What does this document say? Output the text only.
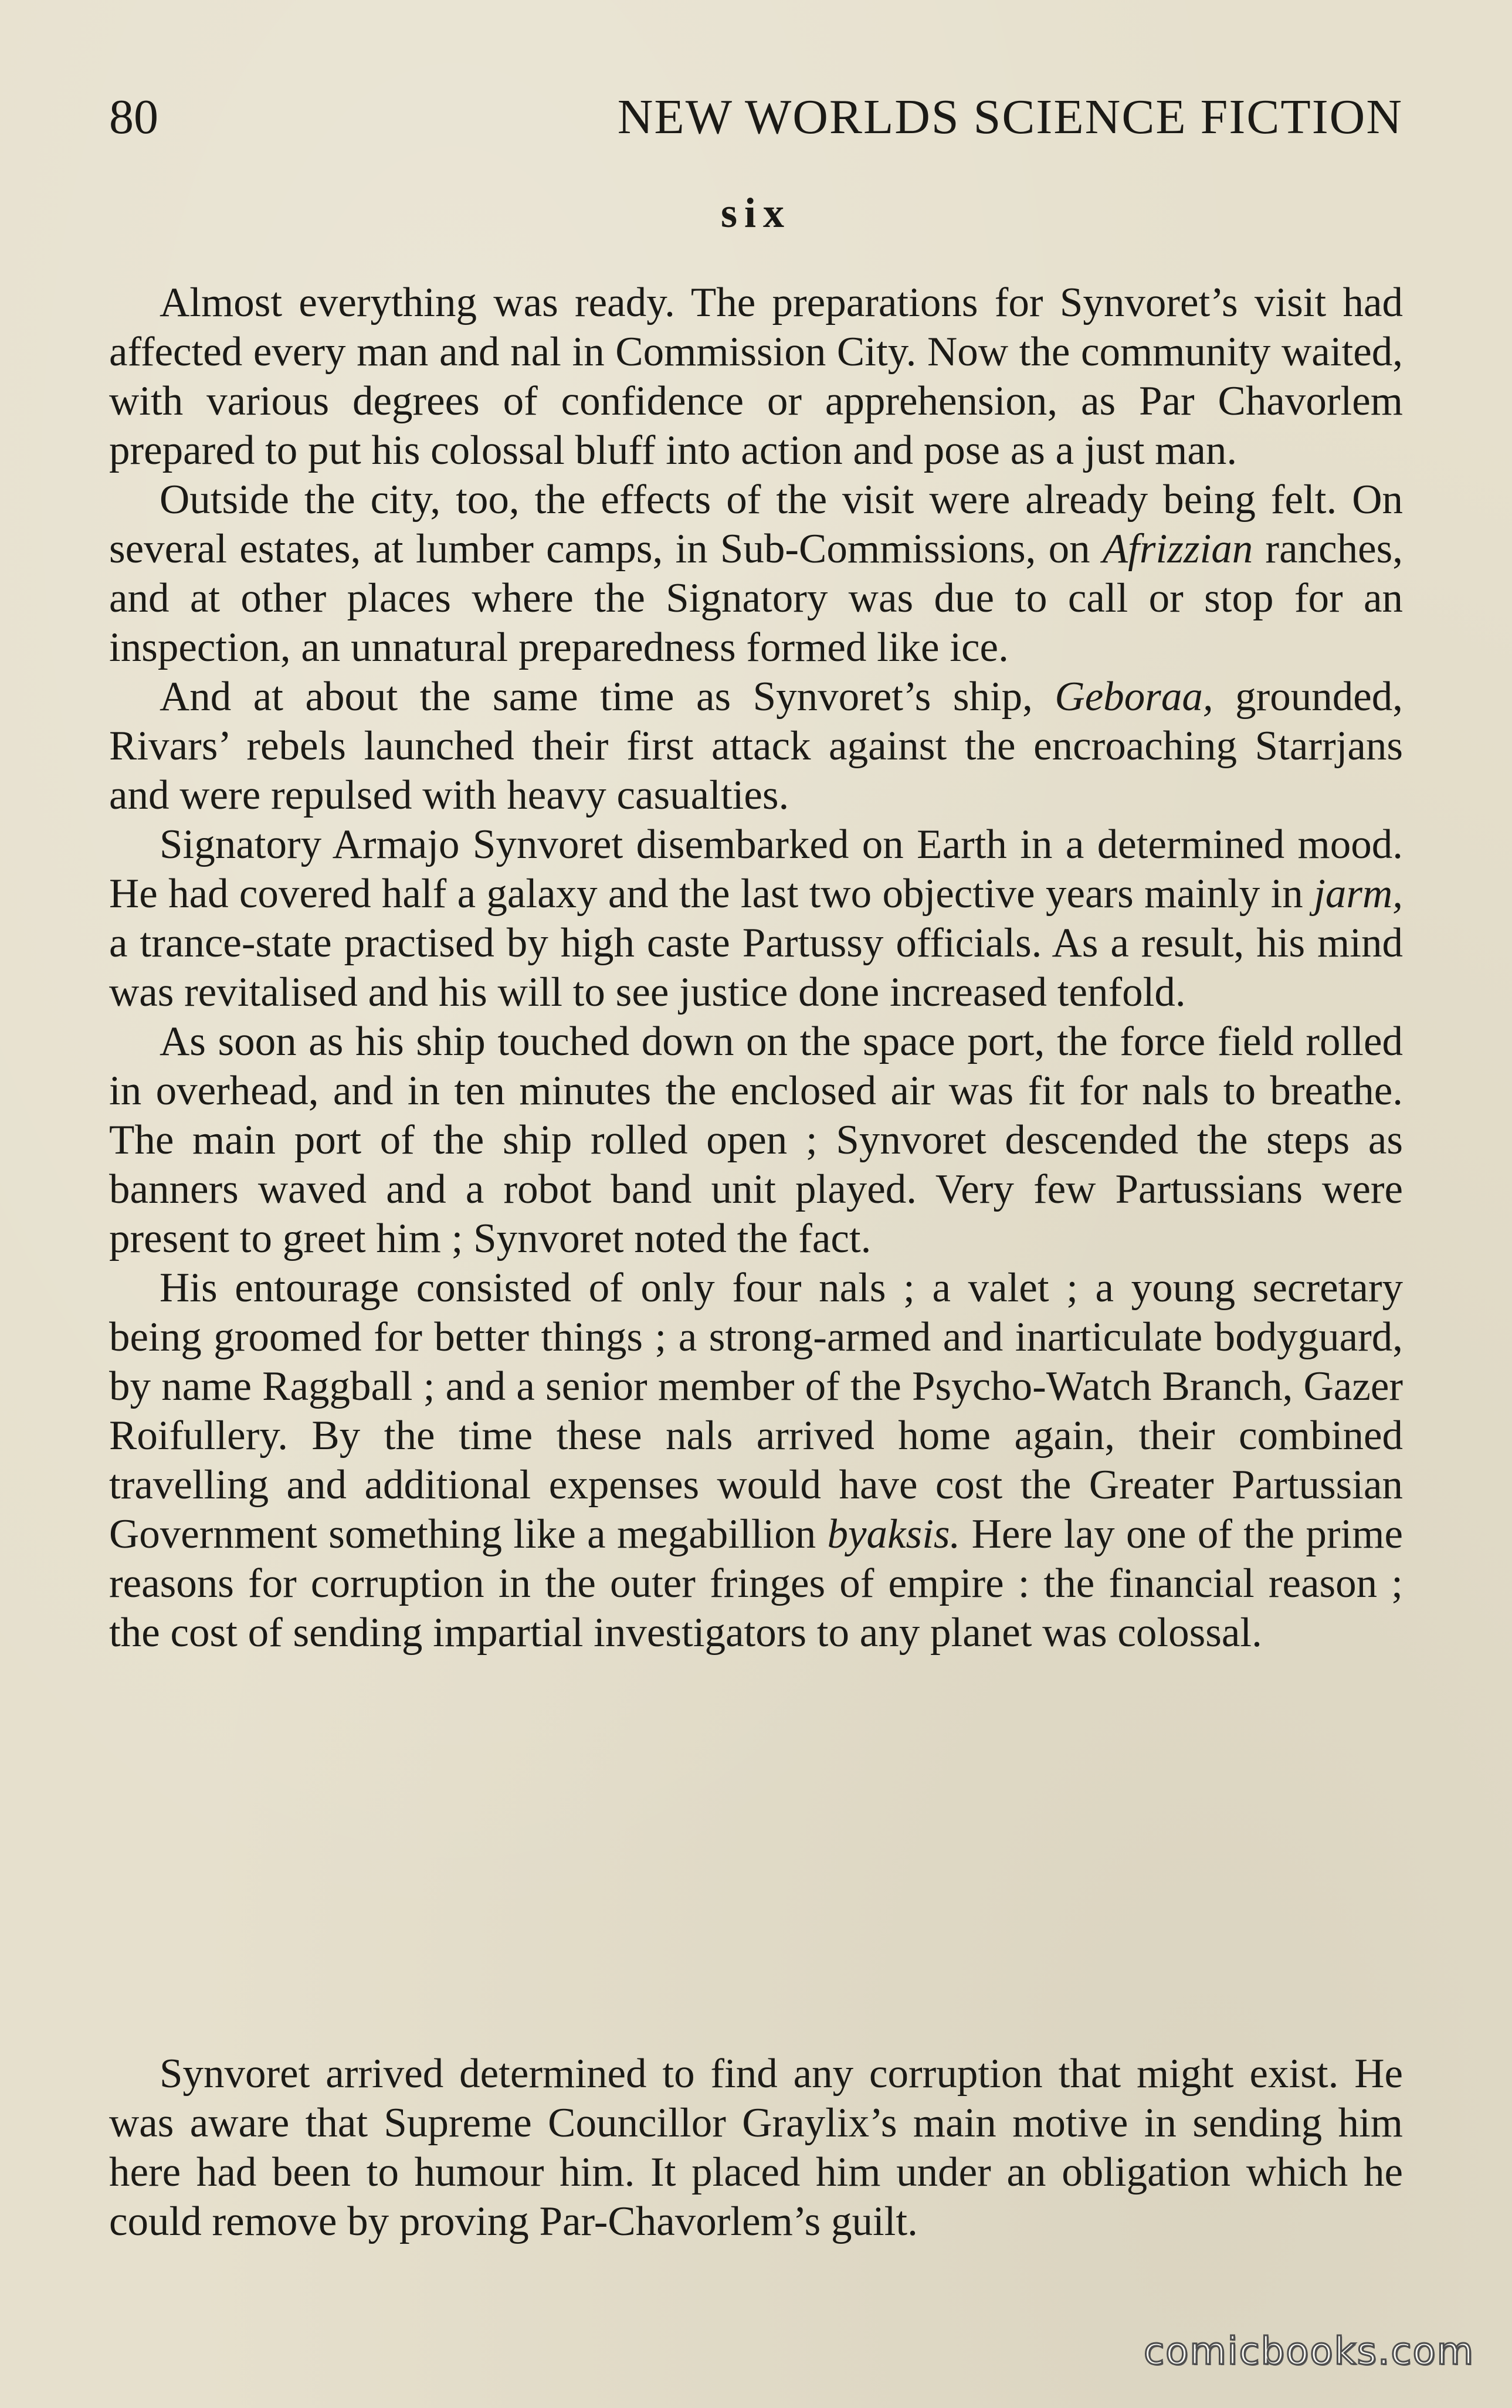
80	NEW WORLDS SCIENCE FICTION
six

Almost everything was ready. The preparations for Synvoret’s visit had affected every man and nal in Commission City. Now the community waited, with various degrees of confidence or apprehension, as Par Chavorlem prepared to put his colossal bluff into action and pose as a just man.

Outside the city, too, the effects of the visit were already being felt. On several estates, at lumber camps, in Sub-Commissions, on Afrizzian ranches, and at other places where the Signatory was due to call or stop for an inspection, an unnatural preparedness formed like ice.

And at about the same time as Synvoret’s ship, Geboraa, grounded, Rivars’ rebels launched their first attack against the encroaching Starrjans and were repulsed with heavy casualties.

Signatory Armajo Synvoret disembarked on Earth in a determined mood. He had covered half a galaxy and the last two objective years mainly in jarm, a trance-state practised by high caste Partussy officials. As a result, his mind was revitalised and his will to see justice done increased tenfold.

As soon as his ship touched down on the space port, the force field rolled in overhead, and in ten minutes the enclosed air was fit for nals to breathe. The main port of the ship rolled open ; Synvoret descended the steps as banners waved and a robot band unit played. Very few Partussians were present to greet him ; Synvoret noted the fact.

His entourage consisted of only four nals ; a valet ; a young secretary being groomed for better things ; a strong-armed and inarticulate bodyguard, by name Raggball ; and a senior member of the Psycho-Watch Branch, Gazer Roifullery. By the time these nals arrived home again, their combined travelling and additional expenses would have cost the Greater Partussian Government something like a megabillion byaksis. Here lay one of the prime reasons for corruption in the outer fringes of empire : the financial reason ; the cost of sending impartial investigators to any planet was colossal.

Synvoret arrived determined to find any corruption that might exist. He was aware that Supreme Councillor Graylix’s main motive in sending him here had been to humour him. It placed him under an obligation which he could remove by proving Par-Chavorlem’s guilt.

comicbooks.com
